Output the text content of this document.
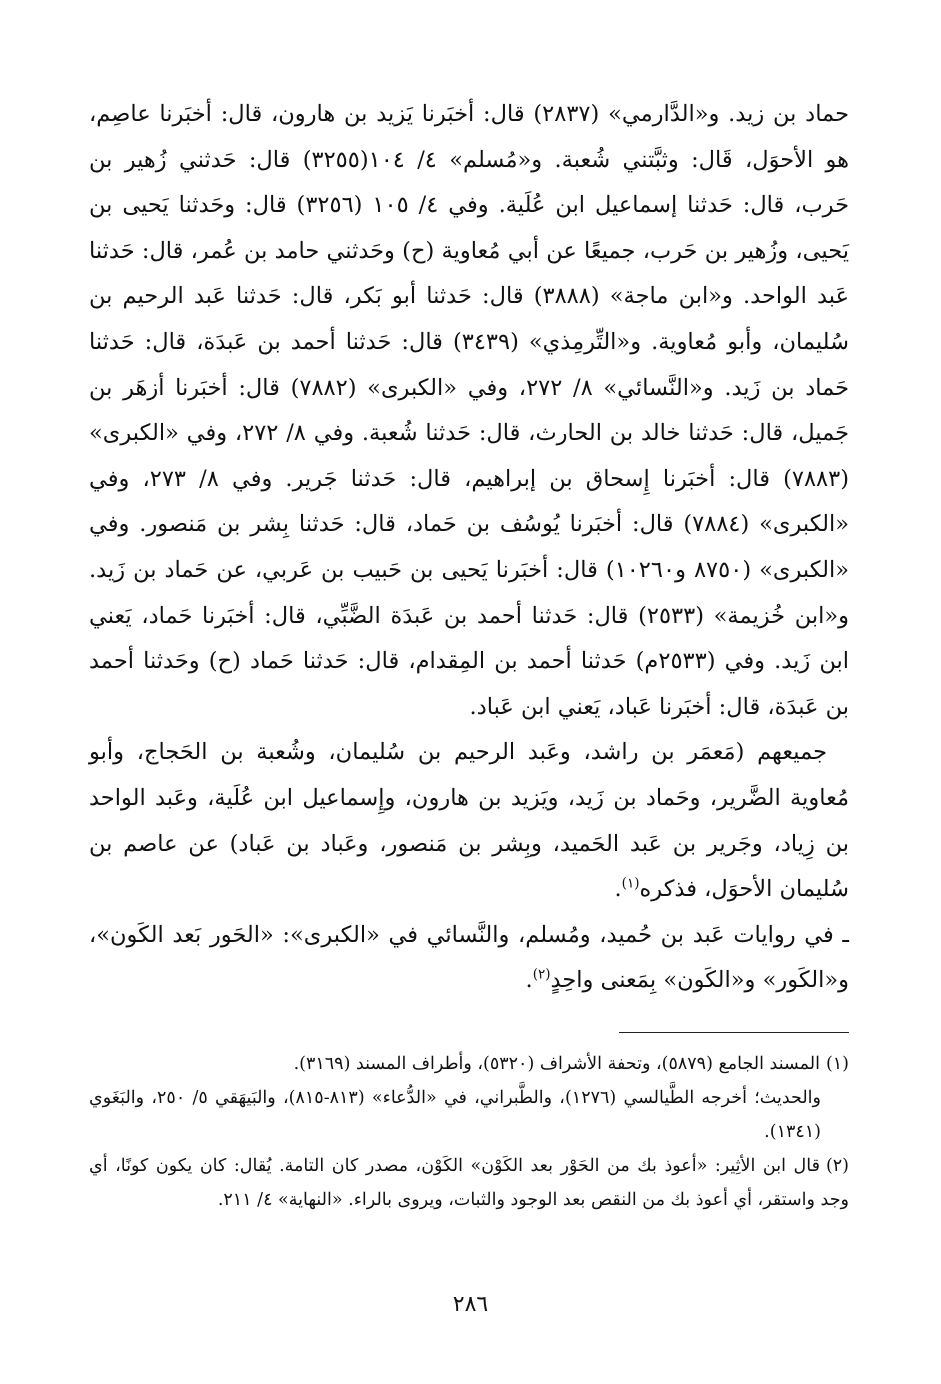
حماد بن زيد. و«الدَّارمي» (٢٨٣٧) قال: أخبَرنا يَزيد بن هارون، قال: أخبَرنا عاصِم، هو الأحوَل، قَال: وثبَّتني شُعبة. و«مُسلم» ٤/ ١٠٤(٣٢٥٥) قال: حَدثني زُهير بن حَرب، قال: حَدثنا إسماعيل ابن عُلَية. وفي ٤/ ١٠٥ (٣٢٥٦) قال: وحَدثنا يَحيى بن يَحيى، وزُهير بن حَرب، جميعًا عن أبي مُعاوية (ح) وحَدثني حامد بن عُمر، قال: حَدثنا عَبد الواحد. و«ابن ماجة» (٣٨٨٨) قال: حَدثنا أبو بَكر، قال: حَدثنا عَبد الرحيم بن سُليمان، وأبو مُعاوية. و«التِّرمِذي» (٣٤٣٩) قال: حَدثنا أحمد بن عَبدَة، قال: حَدثنا حَماد بن زَيد. و«النَّسائي» ٨/ ٢٧٢، وفي «الكبرى» (٧٨٨٢) قال: أخبَرنا أزهَر بن جَميل، قال: حَدثنا خالد بن الحارث، قال: حَدثنا شُعبة. وفي ٨/ ٢٧٢، وفي «الكبرى» (٧٨٨٣) قال: أخبَرنا إِسحاق بن إبراهيم، قال: حَدثنا جَرير. وفي ٨/ ٢٧٣، وفي «الكبرى» (٧٨٨٤) قال: أخبَرنا يُوسُف بن حَماد، قال: حَدثنا بِشر بن مَنصور. وفي «الكبرى» (٨٧٥٠ و١٠٢٦٠) قال: أخبَرنا يَحيى بن حَبيب بن عَربي، عن حَماد بن زَيد. و«ابن خُزيمة» (٢٥٣٣) قال: حَدثنا أحمد بن عَبدَة الضَّبِّي، قال: أخبَرنا حَماد، يَعني ابن زَيد. وفي (٢٥٣٣م) حَدثنا أحمد بن المِقدام، قال: حَدثنا حَماد (ح) وحَدثنا أحمد بن عَبدَة، قال: أخبَرنا عَباد، يَعني ابن عَباد.

جميعهم (مَعمَر بن راشد، وعَبد الرحيم بن سُليمان، وشُعبة بن الحَجاج، وأبو مُعاوية الضَّرير، وحَماد بن زَيد، ويَزيد بن هارون، وإِسماعيل ابن عُلَية، وعَبد الواحد بن زِياد، وجَرير بن عَبد الحَميد، وبِشر بن مَنصور، وعَباد بن عَباد) عن عاصم بن سُليمان الأحوَل، فذكره$^{(١)}$.

ـ في روايات عَبد بن حُميد، ومُسلم، والنَّسائي في «الكبرى»: «الحَور بَعد الكَون»، و«الكَور» و«الكَون» بِمَعنى واحِدٍ$^{(٢)}$.

(١)المسند الجامع (٥٨٧٩)، وتحفة الأشراف (٥٣٢٠)، وأطراف المسند (٣١٦٩).

والحديث؛ أخرجه الطَّيالسي (١٢٧٦)، والطَّبراني، في «الدُّعاء» (٨١٣-٨١٥)، والبَيهَقي ٥/ ٢٥٠، والبَغَوي (١٣٤١).

(٢)قال ابن الأثِير: «أعوذ بك من الحَوْر بعد الكَوْن» الكَوْن، مصدر كان التامة. يُقال: كان يكون كونًا، أي وجد واستقر، أي أعوذ بك من النقص بعد الوجود والثبات، ويروى بالراء. «النهاية» ٤/ ٢١١.

٢٨٦
